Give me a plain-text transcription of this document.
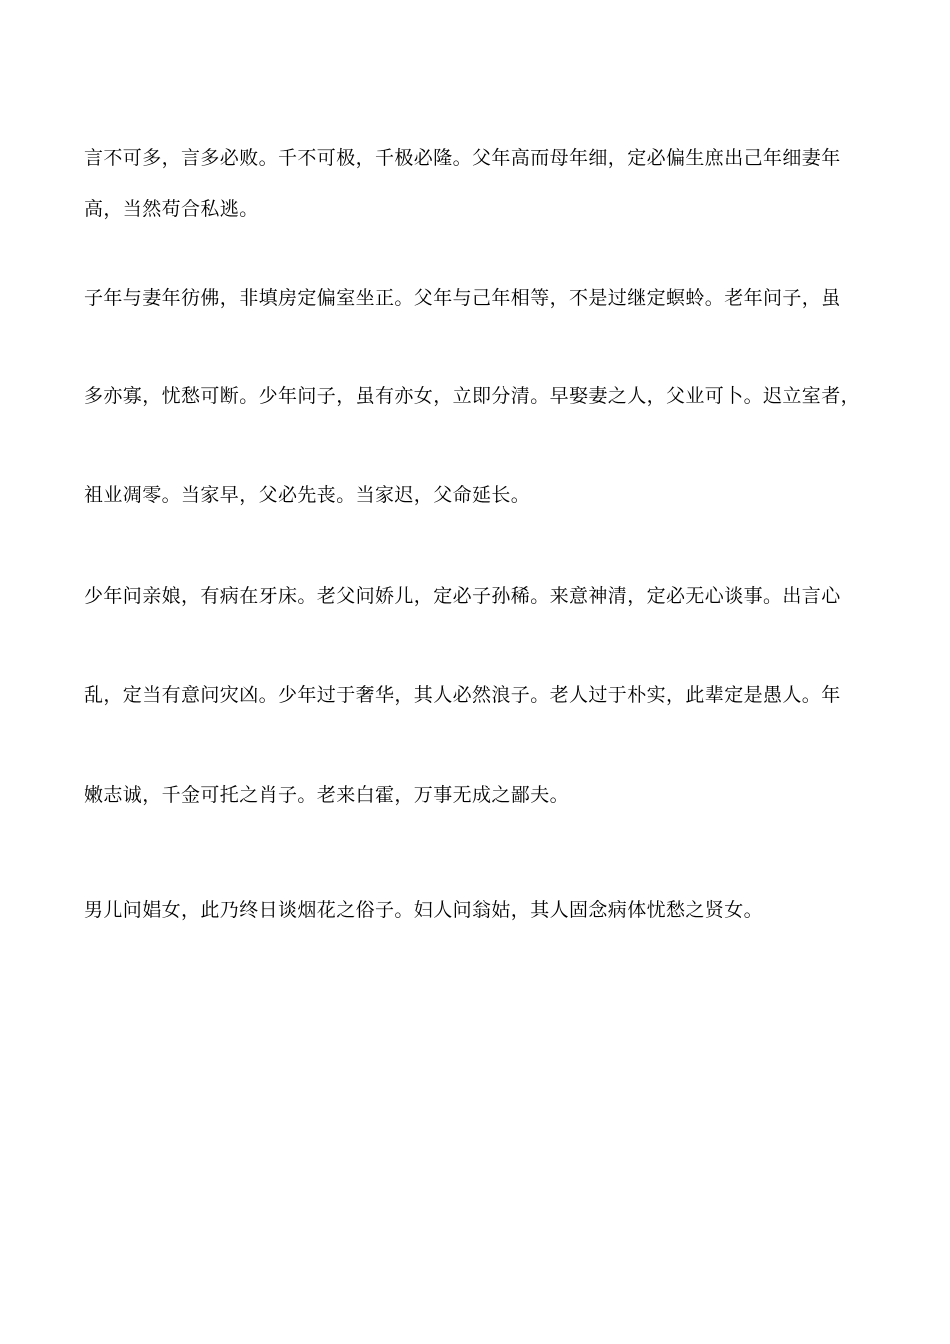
言不可多，言多必败。千不可极，千极必隆。父年高而母年细，定必偏生庶出己年细妻年
高，当然苟合私逃。
子年与妻年彷佛，非填房定偏室坐正。父年与己年相等，不是过继定螟蛉。老年问子，虽
多亦寡，忧愁可断。少年问子，虽有亦女，立即分清。早娶妻之人，父业可卜。迟立室者，
祖业凋零。当家早，父必先丧。当家迟，父命延长。
少年问亲娘，有病在牙床。老父问娇儿，定必子孙稀。来意神清，定必无心谈事。出言心
乱，定当有意问灾凶。少年过于奢华，其人必然浪子。老人过于朴实，此辈定是愚人。年
嫩志诚，千金可托之肖子。老来白霍，万事无成之鄙夫。
男儿问娼女，此乃终日谈烟花之俗子。妇人问翁姑，其人固念病体忧愁之贤女。
